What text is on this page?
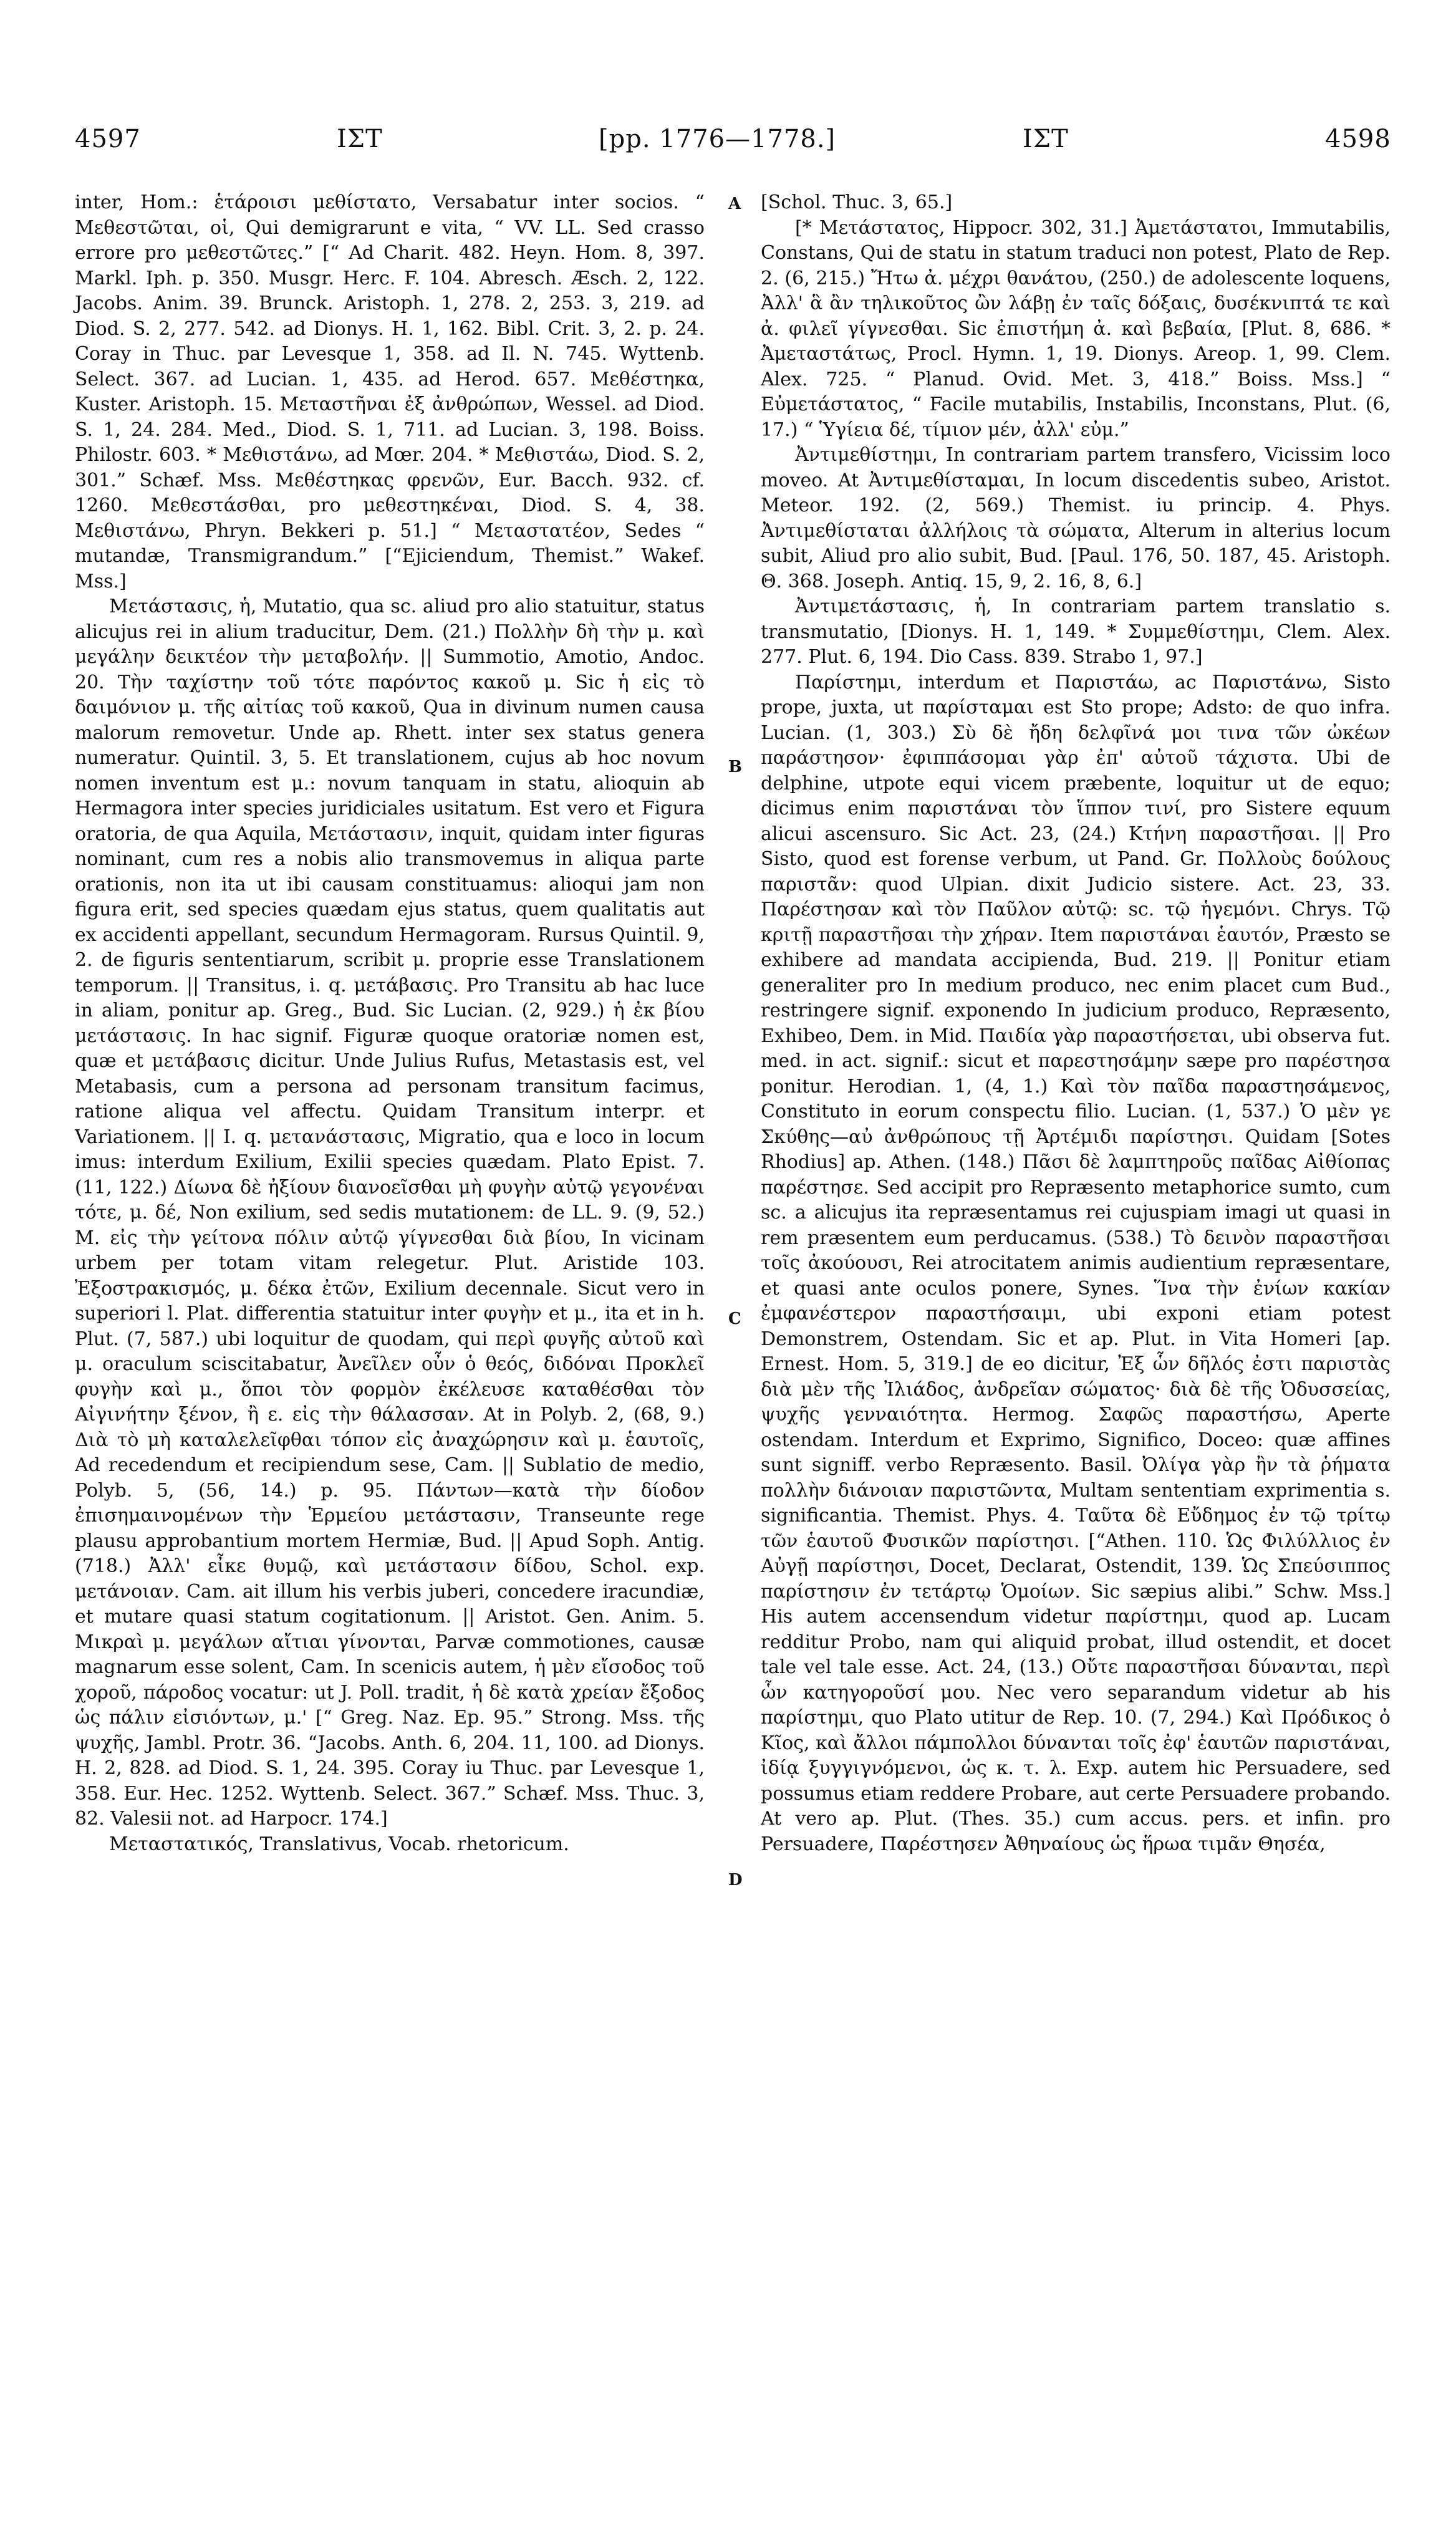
4597	ΙΣΤ	[pp. 1776—1778.]	ΙΣΤ	4598
A
B
C
D

inter, Hom.: ἑτάροισι μεθίστατο, Versabatur inter socios. “ Μεθεστῶται, οἱ, Qui demigrarunt e vita, “ VV. LL. Sed crasso errore pro μεθεστῶτες.” [“ Ad Charit. 482. Heyn. Hom. 8, 397. Markl. Iph. p. 350. Musgr. Herc. F. 104. Abresch. Æsch. 2, 122. Jacobs. Anim. 39. Brunck. Aristoph. 1, 278. 2, 253. 3, 219. ad Diod. S. 2, 277. 542. ad Dionys. H. 1, 162. Bibl. Crit. 3, 2. p. 24. Coray in Thuc. par Levesque 1, 358. ad Il. N. 745. Wyttenb. Select. 367. ad Lucian. 1, 435. ad Herod. 657. Μεθέστηκα, Kuster. Aristoph. 15. Μεταστῆναι ἐξ ἀνθρώπων, Wessel. ad Diod. S. 1, 24. 284. Med., Diod. S. 1, 711. ad Lucian. 3, 198. Boiss. Philostr. 603. * Μεθιστάνω, ad Mœr. 204. * Μεθιστάω, Diod. S. 2, 301.” Schæf. Mss. Μεθέστηκας φρενῶν, Eur. Bacch. 932. cf. 1260. Μεθεστάσθαι, pro μεθεστηκέναι, Diod. S. 4, 38. Μεθιστάνω, Phryn. Bekkeri p. 51.] “ Μεταστατέον, Sedes “ mutandæ, Transmigrandum.” [“Ejiciendum, Themist.” Wakef. Mss.]

Μετάστασις, ἡ, Mutatio, qua sc. aliud pro alio statuitur, status alicujus rei in alium traducitur, Dem. (21.) Πολλὴν δὴ τὴν μ. καὶ μεγάλην δεικτέον τὴν μεταβολήν. || Summotio, Amotio, Andoc. 20. Τὴν ταχίστην τοῦ τότε παρόντος κακοῦ μ. Sic ἡ εἰς τὸ δαιμόνιον μ. τῆς αἰτίας τοῦ κακοῦ, Qua in divinum numen causa malorum removetur. Unde ap. Rhett. inter sex status genera numeratur. Quintil. 3, 5. Et translationem, cujus ab hoc novum nomen inventum est μ.: novum tanquam in statu, alioquin ab Hermagora inter species juridiciales usitatum. Est vero et Figura oratoria, de qua Aquila, Μετάστασιν, inquit, quidam inter figuras nominant, cum res a nobis alio transmovemus in aliqua parte orationis, non ita ut ibi causam constituamus: alioqui jam non figura erit, sed species quædam ejus status, quem qualitatis aut ex accidenti appellant, secundum Hermagoram. Rursus Quintil. 9, 2. de figuris sententiarum, scribit μ. proprie esse Translationem temporum. || Transitus, i. q. μετάβασις. Pro Transitu ab hac luce in aliam, ponitur ap. Greg., Bud. Sic Lucian. (2, 929.) ἡ ἐκ βίου μετάστασις. In hac signif. Figuræ quoque oratoriæ nomen est, quæ et μετάβασις dicitur. Unde Julius Rufus, Metastasis est, vel Metabasis, cum a persona ad personam transitum facimus, ratione aliqua vel affectu. Quidam Transitum interpr. et Variationem. || I. q. μετανάστασις, Migratio, qua e loco in locum imus: interdum Exilium, Exilii species quædam. Plato Epist. 7. (11, 122.) Δίωνα δὲ ἠξίουν διανοεῖσθαι μὴ φυγὴν αὐτῷ γεγονέναι τότε, μ. δέ, Non exilium, sed sedis mutationem: de LL. 9. (9, 52.) M. εἰς τὴν γείτονα πόλιν αὐτῷ γίγνεσθαι διὰ βίου, In vicinam urbem per totam vitam relegetur. Plut. Aristide 103. Ἐξοστρακισμός, μ. δέκα ἐτῶν, Exilium decennale. Sicut vero in superiori l. Plat. differentia statuitur inter φυγὴν et μ., ita et in h. Plut. (7, 587.) ubi loquitur de quodam, qui περὶ φυγῆς αὐτοῦ καὶ μ. oraculum sciscitabatur, Ἀνεῖλεν οὖν ὁ θεός, διδόναι Προκλεῖ φυγὴν καὶ μ., ὅποι τὸν φορμὸν ἐκέλευσε καταθέσθαι τὸν Αἰγινήτην ξένον, ἢ ε. εἰς τὴν θάλασσαν. At in Polyb. 2, (68, 9.) Διὰ τὸ μὴ καταλελεῖφθαι τόπον εἰς ἀναχώρησιν καὶ μ. ἑαυτοῖς, Ad recedendum et recipiendum sese, Cam. || Sublatio de medio, Polyb. 5, (56, 14.) p. 95. Πάντων—κατὰ τὴν δίοδον ἐπισημαινομένων τὴν Ἑρμείου μετάστασιν, Transeunte rege plausu approbantium mortem Hermiæ, Bud. || Apud Soph. Antig. (718.) Ἀλλ' εἶκε θυμῷ, καὶ μετάστασιν δίδου, Schol. exp. μετάνοιαν. Cam. ait illum his verbis juberi, concedere iracundiæ, et mutare quasi statum cogitationum. || Aristot. Gen. Anim. 5. Μικραὶ μ. μεγάλων αἴτιαι γίνονται, Parvæ commotiones, causæ magnarum esse solent, Cam. In scenicis autem, ἡ μὲν εἴσοδος τοῦ χοροῦ, πάροδος vocatur: ut J. Poll. tradit, ἡ δὲ κατὰ χρείαν ἔξοδος ὡς πάλιν εἰσιόντων, μ.' [“ Greg. Naz. Ep. 95.” Strong. Mss. τῆς ψυχῆς, Jambl. Protr. 36. “Jacobs. Anth. 6, 204. 11, 100. ad Dionys. H. 2, 828. ad Diod. S. 1, 24. 395. Coray iu Thuc. par Levesque 1, 358. Eur. Hec. 1252. Wyttenb. Select. 367.” Schæf. Mss. Thuc. 3, 82. Valesii not. ad Harpocr. 174.]

Μεταστατικός, Translativus, Vocab. rhetoricum.

[Schol. Thuc. 3, 65.]

[* Μετάστατος, Hippocr. 302, 31.] Ἀμετάστατοι, Immutabilis, Constans, Qui de statu in statum traduci non potest, Plato de Rep. 2. (6, 215.) Ἤτω ἀ. μέχρι θανάτου, (250.) de adolescente loquens, Ἀλλ' ἃ ἂν τηλικοῦτος ὢν λάβῃ ἐν ταῖς δόξαις, δυσέκνιπτά τε καὶ ἀ. φιλεῖ γίγνεσθαι. Sic ἐπιστήμη ἀ. καὶ βεβαία, [Plut. 8, 686. * Ἀμεταστάτως, Procl. Hymn. 1, 19. Dionys. Areop. 1, 99. Clem. Alex. 725. “ Planud. Ovid. Met. 3, 418.” Boiss. Mss.] “ Εὐμετάστατος, “ Facile mutabilis, Instabilis, Inconstans, Plut. (6, 17.) “ Ὑγίεια δέ, τίμιον μέν, ἀλλ' εὐμ.”

Ἀντιμεθίστημι, In contrariam partem transfero, Vicissim loco moveo. At Ἀντιμεθίσταμαι, In locum discedentis subeo, Aristot. Meteor. 192. (2, 569.) Themist. iu princip. 4. Phys. Ἀντιμεθίσταται ἀλλήλοις τὰ σώματα, Alterum in alterius locum subit, Aliud pro alio subit, Bud. [Paul. 176, 50. 187, 45. Aristoph. Θ. 368. Joseph. Antiq. 15, 9, 2. 16, 8, 6.]

Ἀντιμετάστασις, ἡ, In contrariam partem translatio s. transmutatio, [Dionys. H. 1, 149. * Συμμεθίστημι, Clem. Alex. 277. Plut. 6, 194. Dio Cass. 839. Strabo 1, 97.]

Παρίστημι, interdum et Παριστάω, ac Παριστάνω, Sisto prope, juxta, ut παρίσταμαι est Sto prope; Adsto: de quo infra. Lucian. (1, 303.) Σὺ δὲ ἤδη δελφῖνά μοι τινα τῶν ὠκέων παράστησον· ἐφιππάσομαι γὰρ ἐπ' αὐτοῦ τάχιστα. Ubi de delphine, utpote equi vicem præbente, loquitur ut de equo; dicimus enim παριστάναι τὸν ἵππον τινί, pro Sistere equum alicui ascensuro. Sic Act. 23, (24.) Κτήνη παραστῆσαι. || Pro Sisto, quod est forense verbum, ut Pand. Gr. Πολλοὺς δούλους παριστᾶν: quod Ulpian. dixit Judicio sistere. Act. 23, 33. Παρέστησαν καὶ τὸν Παῦλον αὐτῷ: sc. τῷ ἡγεμόνι. Chrys. Τῷ κριτῇ παραστῆσαι τὴν χήραν. Item παριστάναι ἑαυτόν, Præsto se exhibere ad mandata accipienda, Bud. 219. || Ponitur etiam generaliter pro In medium produco, nec enim placet cum Bud., restringere signif. exponendo In judicium produco, Repræsento, Exhibeo, Dem. in Mid. Παιδία γὰρ παραστήσεται, ubi observa fut. med. in act. signif.: sicut et παρεστησάμην sæpe pro παρέστησα ponitur. Herodian. 1, (4, 1.) Καὶ τὸν παῖδα παραστησάμενος, Constituto in eorum conspectu filio. Lucian. (1, 537.) Ὁ μὲν γε Σκύθης—αὐ ἀνθρώπους τῇ Ἀρτέμιδι παρίστησι. Quidam [Sotes Rhodius] ap. Athen. (148.) Πᾶσι δὲ λαμπτηροῦς παῖδας Αἰθίοπας παρέστησε. Sed accipit pro Repræsento metaphorice sumto, cum sc. a alicujus ita repræsentamus rei cujuspiam imagi ut quasi in rem præsentem eum perducamus. (538.) Τὸ δεινὸν παραστῆσαι τοῖς ἀκούουσι, Rei atrocitatem animis audientium repræsentare, et quasi ante oculos ponere, Synes. Ἵνα τὴν ἐνίων κακίαν ἐμφανέστερον παραστήσαιμι, ubi exponi etiam potest Demonstrem, Ostendam. Sic et ap. Plut. in Vita Homeri [ap. Ernest. Hom. 5, 319.] de eo dicitur, Ἐξ ὧν δῆλός ἐστι παριστὰς διὰ μὲν τῆς Ἰλιάδος, ἀνδρεῖαν σώματος· διὰ δὲ τῆς Ὀδυσσείας, ψυχῆς γενναιότητα. Hermog. Σαφῶς παραστήσω, Aperte ostendam. Interdum et Exprimo, Significo, Doceo: quæ affines sunt signiff. verbo Repræsento. Basil. Ὀλίγα γὰρ ἢν τὰ ῥήματα πολλὴν διάνοιαν παριστῶντα, Multam sententiam exprimentia s. significantia. Themist. Phys. 4. Ταῦτα δὲ Εὔδημος ἐν τῷ τρίτῳ τῶν ἑαυτοῦ Φυσικῶν παρίστησι. [“Athen. 110. Ὡς Φιλύλλιος ἐν Αὐγῇ παρίστησι, Docet, Declarat, Ostendit, 139. Ὡς Σπεύσιππος παρίστησιν ἐν τετάρτῳ Ὁμοίων. Sic sæpius alibi.” Schw. Mss.] His autem accensendum videtur παρίστημι, quod ap. Lucam redditur Probo, nam qui aliquid probat, illud ostendit, et docet tale vel tale esse. Act. 24, (13.) Οὔτε παραστῆσαι δύνανται, περὶ ὧν κατηγοροῦσί μου. Nec vero separandum videtur ab his παρίστημι, quo Plato utitur de Rep. 10. (7, 294.) Καὶ Πρόδικος ὁ Κῖος, καὶ ἄλλοι πάμπολλοι δύνανται τοῖς ἐφ' ἑαυτῶν παριστάναι, ἰδίᾳ ξυγγιγνόμενοι, ὡς κ. τ. λ. Exp. autem hic Persuadere, sed possumus etiam reddere Probare, aut certe Persuadere probando. At vero ap. Plut. (Thes. 35.) cum accus. pers. et infin. pro Persuadere, Παρέστησεν Ἀθηναίους ὡς ἥρωα τιμᾶν Θησέα,
